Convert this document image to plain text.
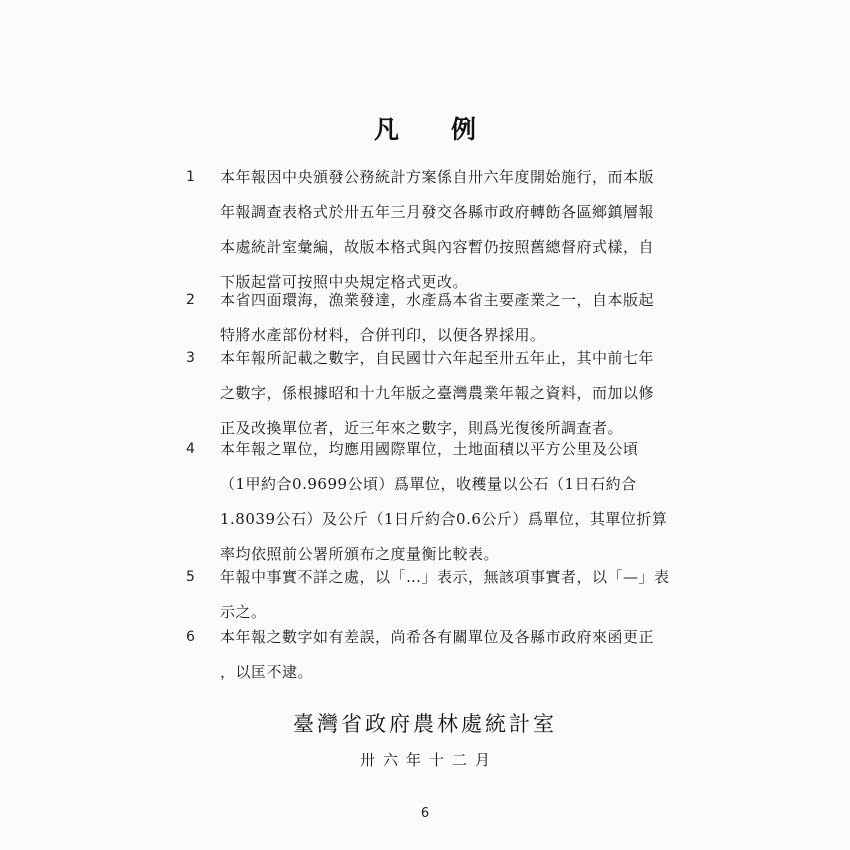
凡例
1	本年報因中央頒發公務統計方案係自卅六年度開始施行，而本版
年報調查表格式於卅五年三月發交各縣市政府轉飭各區鄉鎮層報
本處統計室彙編，故版本格式與內容暫仍按照舊總督府式樣，自
下版起當可按照中央規定格式更改。
2	本省四面環海，漁業發達，水產爲本省主要產業之一，自本版起
特將水產部份材料，合併刊印，以便各界採用。
3	本年報所記載之數字，自民國廿六年起至卅五年止，其中前七年
之數字，係根據昭和十九年版之臺灣農業年報之資料，而加以修
正及改換單位者，近三年來之數字，則爲光復後所調查者。
4	本年報之單位，均應用國際單位，土地面積以平方公里及公頃
（1甲約合0.9699公頃）爲單位，收穫量以公石（1日石約合
1.8039公石）及公斤（1日斤約合0.6公斤）爲單位，其單位折算
率均依照前公署所頒布之度量衡比較表。
5	年報中事實不詳之處，以「…」表示，無該項事實者，以「—」表
示之。
6	本年報之數字如有差誤，尚希各有關單位及各縣市政府來函更正
，以匡不逮。
臺灣省政府農林處統計室
卅六年十二月
6
